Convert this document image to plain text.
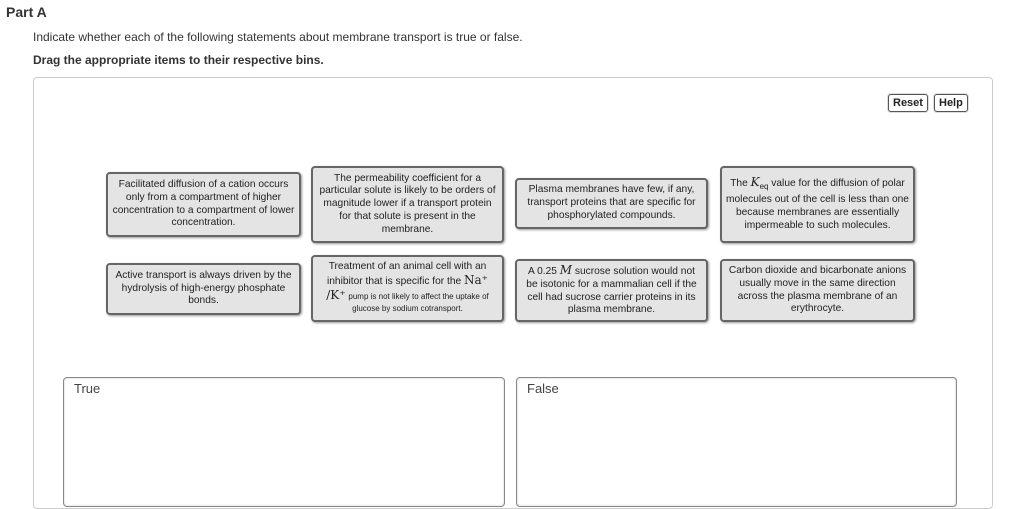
Part A
Indicate whether each of the following statements about membrane transport is true or false.
Drag the appropriate items to their respective bins.
Reset	Help
Facilitated diffusion of a cation occurs only from a compartment of higher concentration to a compartment of lower concentration.
The permeability coefficient for a particular solute is likely to be orders of magnitude lower if a transport protein for that solute is present in the membrane.
Plasma membranes have few, if any, transport proteins that are specific for phosphorylated compounds.
The $K_{eq}$ value for the diffusion of polar molecules out of the cell is less than one because membranes are essentially impermeable to such molecules.
Active transport is always driven by the hydrolysis of high-energy phosphate bonds.
Treatment of an animal cell with an inhibitor that is specific for the Na⁺ /K⁺ pump is not likely to affect the uptake of glucose by sodium cotransport.
A 0.25 M sucrose solution would not be isotonic for a mammalian cell if the cell had sucrose carrier proteins in its plasma membrane.
Carbon dioxide and bicarbonate anions usually move in the same direction across the plasma membrane of an erythrocyte.
True	False
